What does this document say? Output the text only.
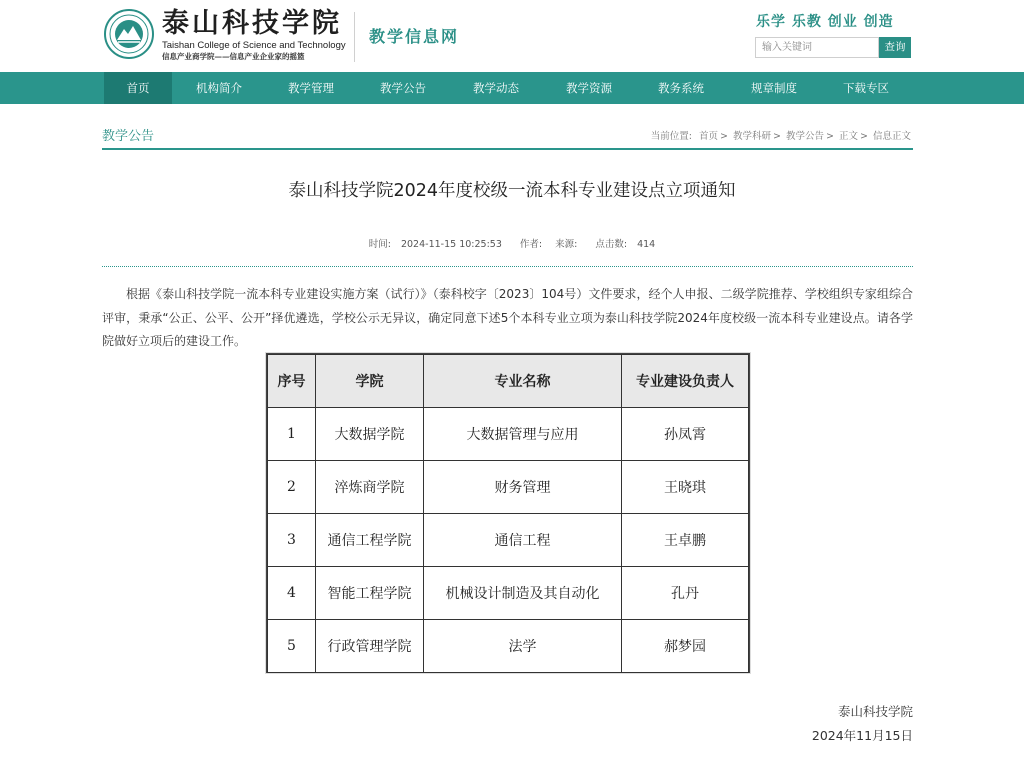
泰山科技学院
Taishan College of Science and Technology
信息产业商学院——信息产业企业家的摇篮
教学信息网
乐学 乐教 创业 创造
输入关键词
查询
首页	机构简介	教学管理	教学公告	教学动态	教学资源	教务系统	规章制度	下载专区
教学公告	当前位置: 首页 > 教学科研 > 教学公告 > 正文 > 信息正文
泰山科技学院2024年度校级一流本科专业建设点立项通知
时间: 2024-11-15 10:25:53 作者: 来源: 点击数: 414
根据《泰山科技学院一流本科专业建设实施方案（试行）》（泰科校字〔2023〕104号）文件要求，经个人申报、二级学院推荐、学校组织专家组综合评审，秉承“公正、公平、公开”择优遴选，学校公示无异议，确定同意下述5个本科专业立项为泰山科技学院2024年度校级一流本科专业建设点。请各学院做好立项后的建设工作。
序号	学院	专业名称	专业建设负责人
1	大数据学院	大数据管理与应用	孙凤霄
2	淬炼商学院	财务管理	王晓琪
3	通信工程学院	通信工程	王卓鹏
4	智能工程学院	机械设计制造及其自动化	孔丹
5	行政管理学院	法学	郝梦园
泰山科技学院
2024年11月15日
